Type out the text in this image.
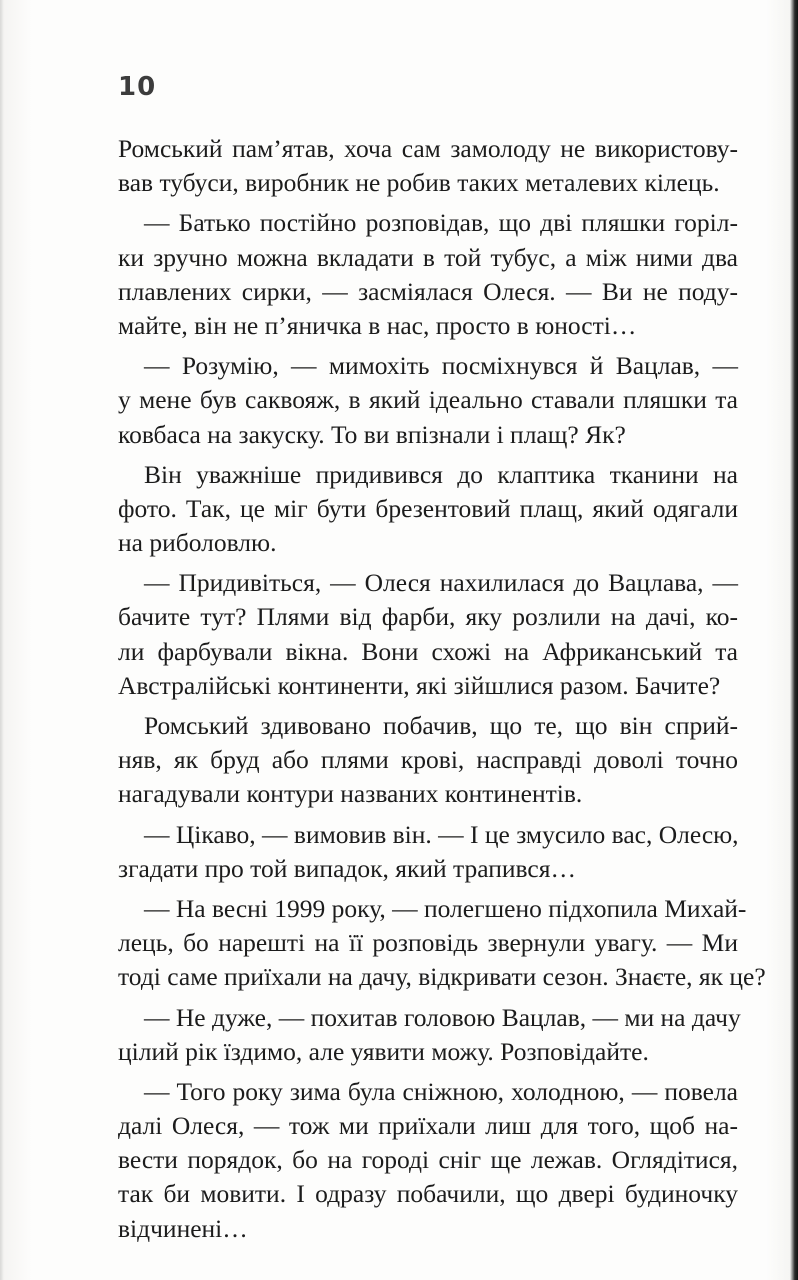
10
Ромський пам’ятав, хоча сам замолоду не використову-
вав тубуси, виробник не робив таких металевих кілець.
— Батько постійно розповідав, що дві пляшки горіл-
ки зручно можна вкладати в той тубус, а між ними два
плавлених сирки, — засміялася Олеся. — Ви не поду-
майте, він не п’яничка в нас, просто в юності…
— Розумію, — мимохіть посміхнувся й Вацлав, —
у мене був саквояж, в який ідеально ставали пляшки та
ковбаса на закуску. То ви впізнали і плащ? Як?
Він уважніше придивився до клаптика тканини на
фото. Так, це міг бути брезентовий плащ, який одягали
на риболовлю.
— Придивіться, — Олеся нахилилася до Вацлава, —
бачите тут? Плями від фарби, яку розлили на дачі, ко-
ли фарбували вікна. Вони схожі на Африканський та
Австралійські континенти, які зійшлися разом. Бачите?
Ромський здивовано побачив, що те, що він сприй-
няв, як бруд або плями крові, насправді доволі точно
нагадували контури названих континентів.
— Цікаво, — вимовив він. — І це змусило вас, Олесю,
згадати про той випадок, який трапився…
— На весні 1999 року, — полегшено підхопила Михай-
лець, бо нарешті на її розповідь звернули увагу. — Ми
тоді саме приїхали на дачу, відкривати сезон. Знаєте, як це?
— Не дуже, — похитав головою Вацлав, — ми на дачу
цілий рік їздимо, але уявити можу. Розповідайте.
— Того року зима була сніжною, холодною, — повела
далі Олеся, — тож ми приїхали лиш для того, щоб на-
вести порядок, бо на городі сніг ще лежав. Оглядітися,
так би мовити. І одразу побачили, що двері будиночку
відчинені…
